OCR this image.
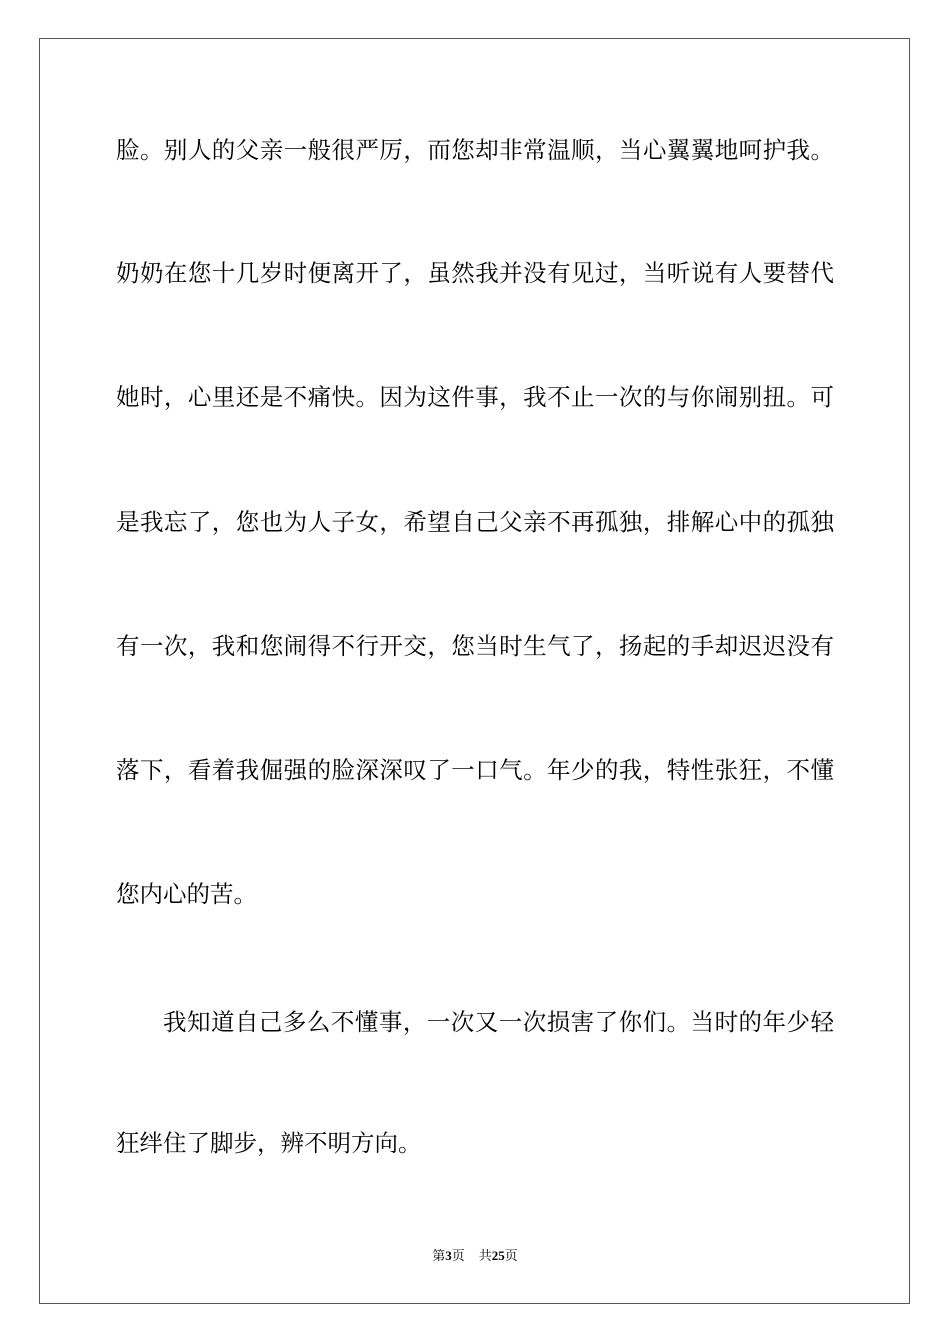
脸。别人的父亲一般很严厉，而您却非常温顺，当心翼翼地呵护我。

奶奶在您十几岁时便离开了，虽然我并没有见过，当听说有人要替代

她时，心里还是不痛快。因为这件事，我不止一次的与你闹别扭。可

是我忘了，您也为人子女，希望自己父亲不再孤独，排解心中的孤独

有一次，我和您闹得不行开交，您当时生气了，扬起的手却迟迟没有

落下，看着我倔强的脸深深叹了一口气。年少的我，特性张狂，不懂

您内心的苦。

我知道自己多么不懂事，一次又一次损害了你们。当时的年少轻

狂绊住了脚步，辨不明方向。

第3页 共25页
